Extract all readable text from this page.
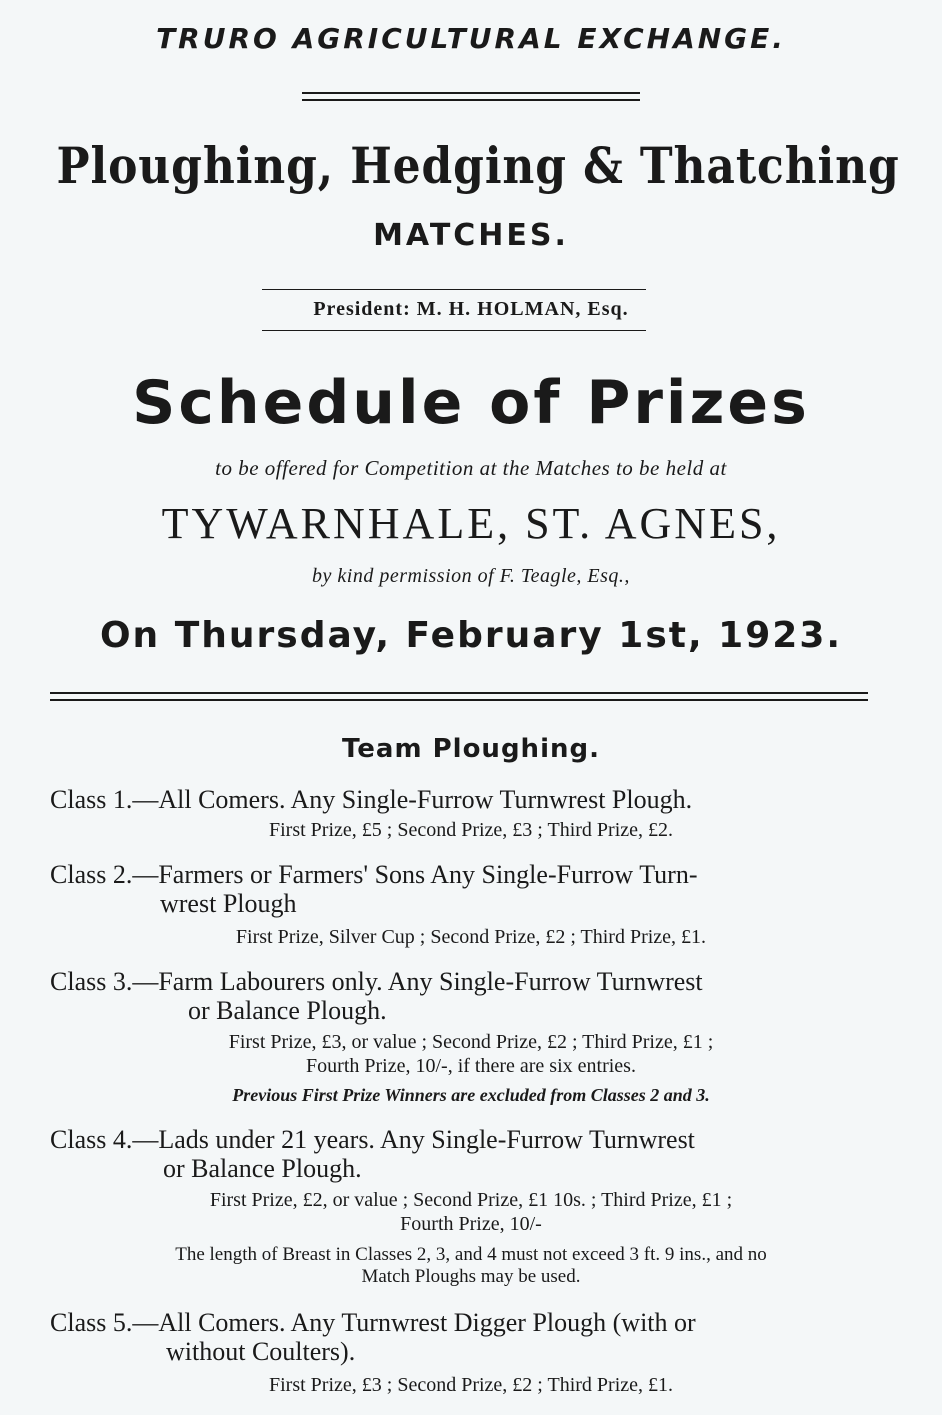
TRURO AGRICULTURAL EXCHANGE.
Ploughing, Hedging & Thatching
MATCHES.
President: M. H. HOLMAN, Esq.
Schedule of Prizes
to be offered for Competition at the Matches to be held at
TYWARNHALE, ST. AGNES,
by kind permission of F. Teagle, Esq.,
On Thursday, February 1st, 1923.
Team Ploughing.
Class 1.—All Comers. Any Single-Furrow Turnwrest Plough.
First Prize, £5 ; Second Prize, £3 ; Third Prize, £2.
Class 2.—Farmers or Farmers' Sons Any Single-Furrow Turn-
wrest Plough
First Prize, Silver Cup ; Second Prize, £2 ; Third Prize, £1.
Class 3.—Farm Labourers only. Any Single-Furrow Turnwrest
or Balance Plough.
First Prize, £3, or value ; Second Prize, £2 ; Third Prize, £1 ;
Fourth Prize, 10/-, if there are six entries.
Previous First Prize Winners are excluded from Classes 2 and 3.
Class 4.—Lads under 21 years. Any Single-Furrow Turnwrest
or Balance Plough.
First Prize, £2, or value ; Second Prize, £1 10s. ; Third Prize, £1 ;
Fourth Prize, 10/-
The length of Breast in Classes 2, 3, and 4 must not exceed 3 ft. 9 ins., and no
Match Ploughs may be used.
Class 5.—All Comers. Any Turnwrest Digger Plough (with or
without Coulters).
First Prize, £3 ; Second Prize, £2 ; Third Prize, £1.
